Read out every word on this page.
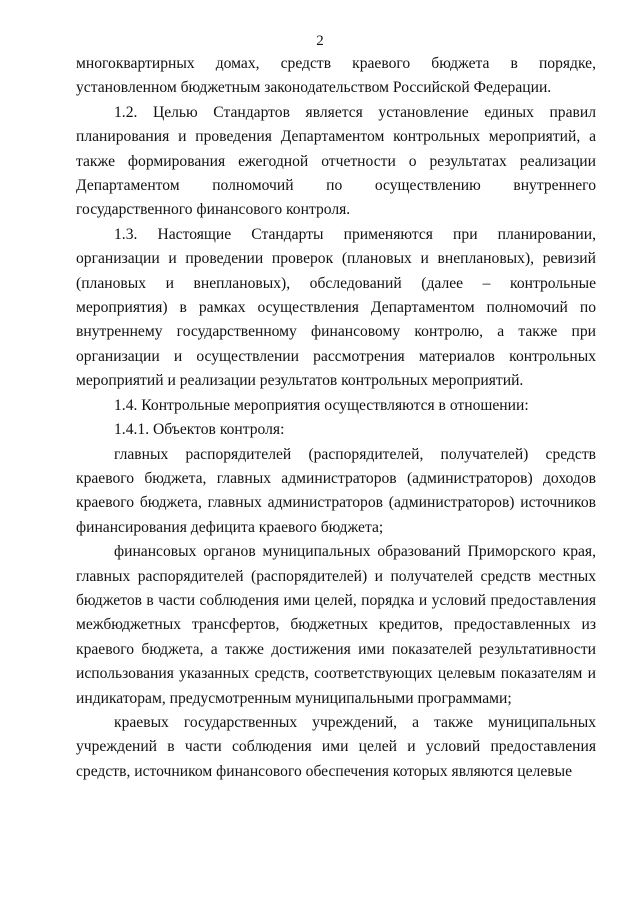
2

многоквартирных домах, средств краевого бюджета в порядке, установленном бюджетным законодательством Российской Федерации.

1.2. Целью Стандартов является установление единых правил планирования и проведения Департаментом контрольных мероприятий, а также формирования ежегодной отчетности о результатах реализации Департаментом полномочий по осуществлению внутреннего государственного финансового контроля.

1.3. Настоящие Стандарты применяются при планировании, организации и проведении проверок (плановых и внеплановых), ревизий (плановых и внеплановых), обследований (далее – контрольные мероприятия) в рамках осуществления Департаментом полномочий по внутреннему государственному финансовому контролю, а также при организации и осуществлении рассмотрения материалов контрольных мероприятий и реализации результатов контрольных мероприятий.

1.4. Контрольные мероприятия осуществляются в отношении:

1.4.1. Объектов контроля:

главных распорядителей (распорядителей, получателей) средств краевого бюджета, главных администраторов (администраторов) доходов краевого бюджета, главных администраторов (администраторов) источников финансирования дефицита краевого бюджета;

финансовых органов муниципальных образований Приморского края, главных распорядителей (распорядителей) и получателей средств местных бюджетов в части соблюдения ими целей, порядка и условий предоставления межбюджетных трансфертов, бюджетных кредитов, предоставленных из краевого бюджета, а также достижения ими показателей результативности использования указанных средств, соответствующих целевым показателям и индикаторам, предусмотренным муниципальными программами;

краевых государственных учреждений, а также муниципальных учреждений в части соблюдения ими целей и условий предоставления средств, источником финансового обеспечения которых являются целевые
